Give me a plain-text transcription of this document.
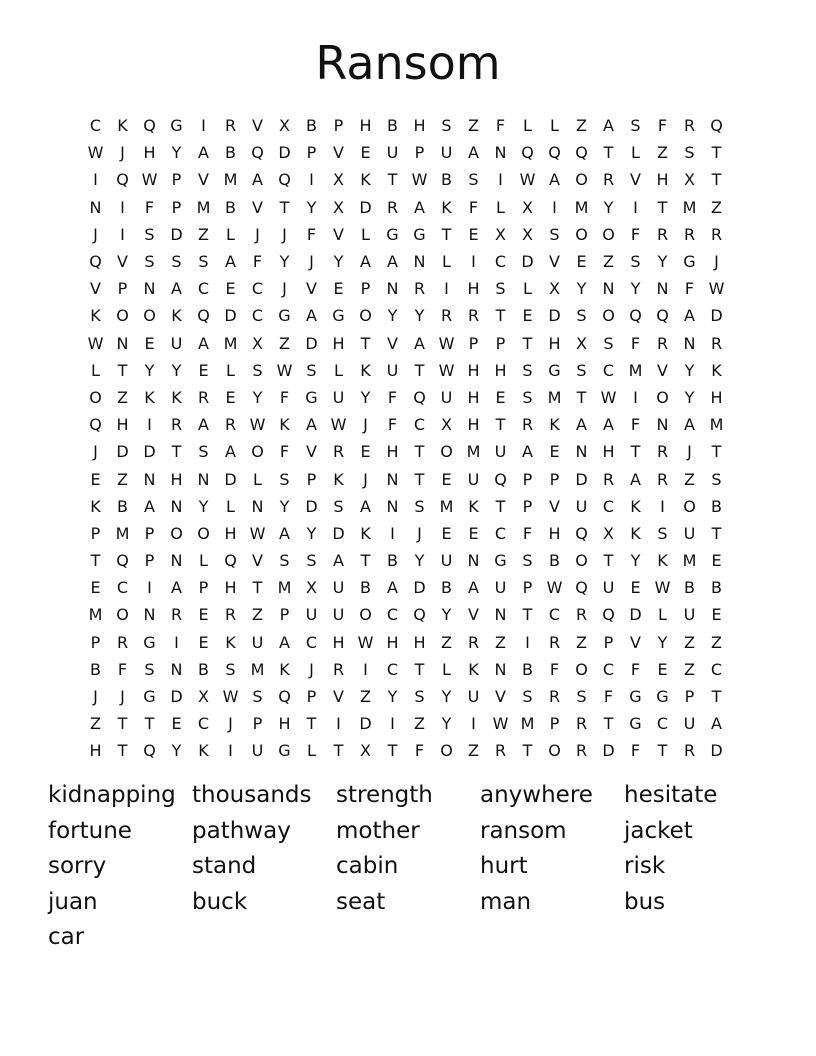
Ransom
C	K Q G	I	R V	X	B	P	H B H S	Z	F	L	L	Z	A	S	F	R Q
W	J	H	Y	A	B Q D	P	V	E	U	P	U A N Q Q Q T	L	Z	S	T
I	Q W P	V M A Q	I	X	K	T W B	S	I	W A O R V H X	T
N	I	F	P M B	V	T	Y	X D R A	K	F	L	X	I	M Y	I	T M Z
J	I	S D Z	L	J	J	F	V	L	G G T	E	X	X	S O O	F	R R R
Q V	S	S	S	A	F	Y	J	Y	A	A N	L	I	C D V	E	Z	S	Y G	J
V	P	N A C	E	C	J	V	E	P	N R	I	H S	L	X	Y	N	Y	N	F W
K O O K Q D C G A G O Y	Y	R R	T	E D S O Q Q A D
W N E	U A M X	Z D H	T	V	A W P	P	T	H X	S	F	R N R
L	T	Y	Y	E	L	S W S	L	K U	T W H H S G S	C M V	Y	K
O Z	K	K	R	E	Y	F	G U	Y	F	Q U H E	S M T W	I	O Y	H
Q H	I	R A R W K	A W	J	F	C X H	T	R	K	A	A	F	N A M
J	D D T	S	A O	F	V R	E H	T O M U A	E N H	T	R	J	T
E	Z N H N D	L	S	P	K	J	N	T	E	U Q P	P	D R A R Z	S
K	B	A N	Y	L	N	Y D S	A N S M K	T	P	V U C	K	I	O B
P M P O O H W A	Y D K	I	J	E	E	C	F	H Q X	K	S	U	T
T Q P	N	L	Q V	S	S	A	T	B	Y	U N G S	B O T	Y	K M E
E	C	I	A	P	H	T M X U B	A D B	A U	P W Q U	E W B	B
M O N R	E	R Z	P	U U O C Q Y	V N	T	C R Q D	L	U	E
P	R G	I	E	K U A C H W H H Z R Z	I	R Z	P	V	Y	Z	Z
B	F	S N B	S M K	J	R	I	C	T	L	K N B	F	O C	F	E	Z C
J	J	G D X W S Q P	V	Z	Y	S	Y	U V	S	R	S	F	G G P	T
Z	T	T	E	C	J	P	H	T	I	D	I	Z	Y	I	W M P	R	T G C U A
H	T Q Y	K	I	U G	L	T	X	T	F	O Z R	T O R D	F	T	R D
kidnapping thousands	strength	anywhere	hesitate
fortune	pathway	mother	ransom	jacket
sorry	stand	cabin	hurt	risk
juan	buck	seat	man	bus
car
